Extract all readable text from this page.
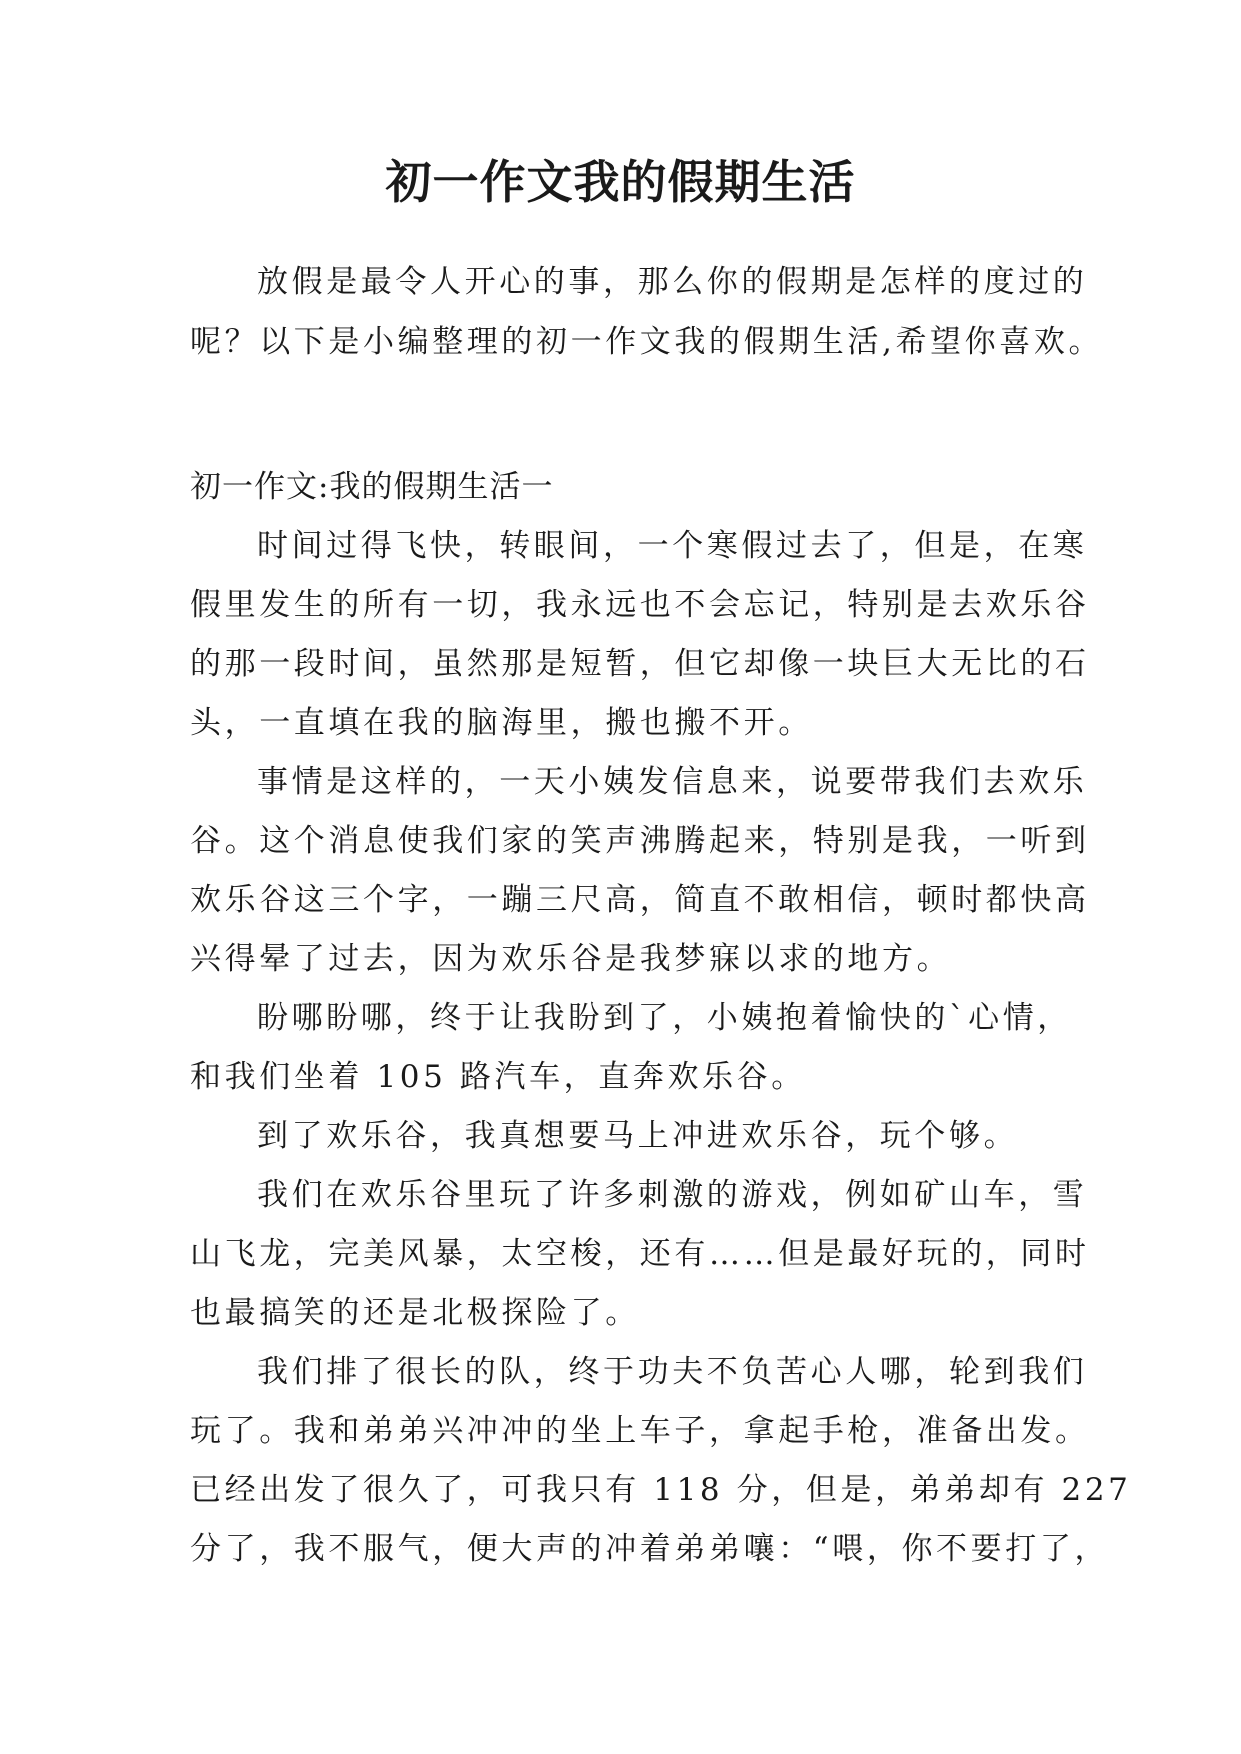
初一作文我的假期生活

放假是最令人开心的事，那么你的假期是怎样的度过的

呢？以下是小编整理的初一作文我的假期生活,希望你喜欢。

初一作文:我的假期生活一

时间过得飞快，转眼间，一个寒假过去了，但是，在寒

假里发生的所有一切，我永远也不会忘记，特别是去欢乐谷

的那一段时间，虽然那是短暂，但它却像一块巨大无比的石

头，一直填在我的脑海里，搬也搬不开。

事情是这样的，一天小姨发信息来，说要带我们去欢乐

谷。这个消息使我们家的笑声沸腾起来，特别是我，一听到

欢乐谷这三个字，一蹦三尺高，简直不敢相信，顿时都快高

兴得晕了过去，因为欢乐谷是我梦寐以求的地方。

盼哪盼哪，终于让我盼到了，小姨抱着愉快的`心情，

和我们坐着 105 路汽车，直奔欢乐谷。

到了欢乐谷，我真想要马上冲进欢乐谷，玩个够。

我们在欢乐谷里玩了许多刺激的游戏，例如矿山车，雪

山飞龙，完美风暴，太空梭，还有……但是最好玩的，同时

也最搞笑的还是北极探险了。

我们排了很长的队，终于功夫不负苦心人哪，轮到我们

玩了。我和弟弟兴冲冲的坐上车子，拿起手枪，准备出发。

已经出发了很久了，可我只有 118 分，但是，弟弟却有 227

分了，我不服气，便大声的冲着弟弟嚷：“喂，你不要打了，
